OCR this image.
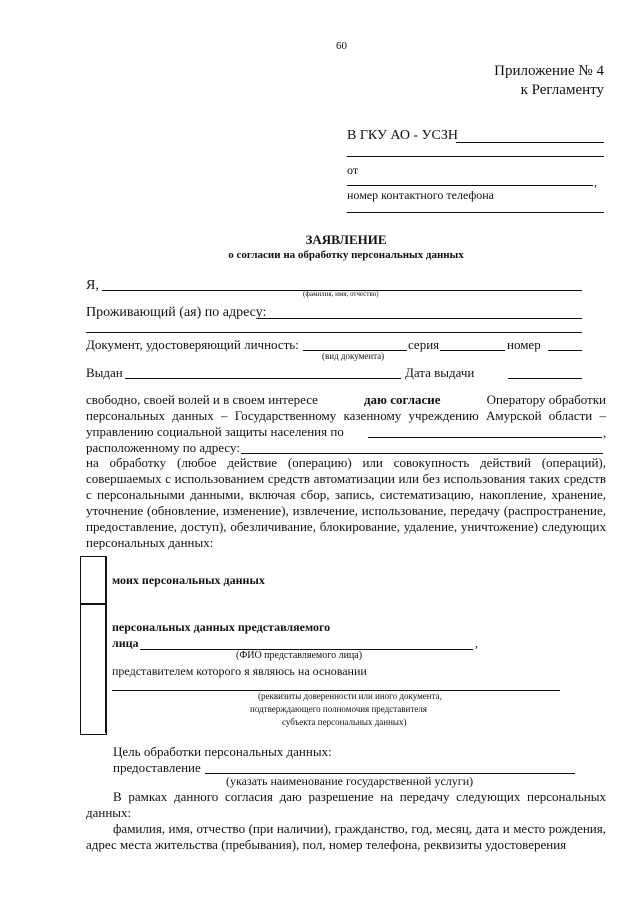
60
Приложение № 4
к Регламенту
В ГКУ АО - УСЗН
от
,
номер контактного телефона
ЗАЯВЛЕНИЕ
о согласии на обработку персональных данных
Я,
(фамилия, имя, отчество)
Проживающий (ая) по адресу:
Документ, удостоверяющий личность:	серия	номер
(вид документа)
Выдан	Дата выдачи
свободно, своей волей и в своем интересе	даю согласие	Оператору обработки
персональных данных – Государственному казенному учреждению Амурской области –
управлению социальной защиты населения по	,
расположенному по адресу:
на обработку (любое действие (операцию) или совокупность действий (операций), совершаемых с использованием средств автоматизации или без использования таких средств с персональными данными, включая сбор, запись, систематизацию, накопление, хранение, уточнение (обновление, изменение), извлечение, использование, передачу (распространение, предоставление, доступ), обезличивание, блокирование, удаление, уничтожение) следующих персональных данных:
моих персональных данных
персональных данных представляемого
лица	,
(ФИО представляемого лица)
представителем которого я являюсь на основании
(реквизиты доверенности или иного документа,
подтверждающего полномочия представителя
субъекта персональных данных)
Цель обработки персональных данных:
предоставление
(указать наименование государственной услуги)
В рамках данного согласия даю разрешение на передачу следующих персональных данных:
фамилия, имя, отчество (при наличии), гражданство, год, месяц, дата и место рождения, адрес места жительства (пребывания), пол, номер телефона, реквизиты удостоверения
